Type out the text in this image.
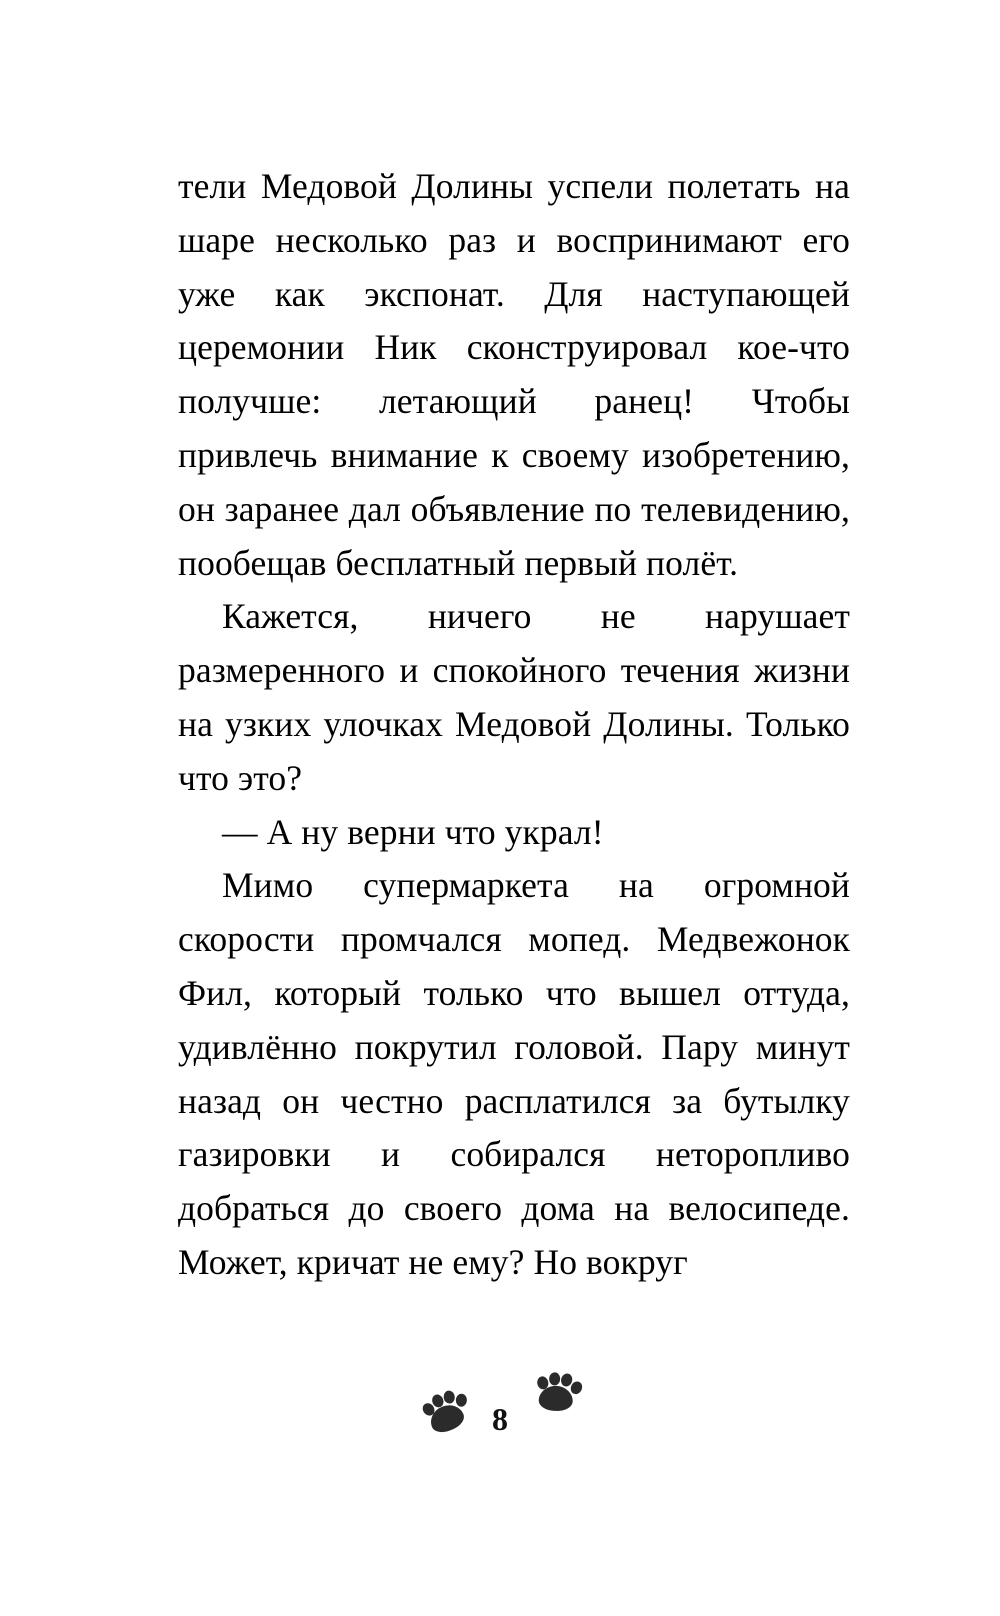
тели Медовой Долины успели полетать на шаре несколько раз и воспринимают его уже как экспонат. Для наступающей церемонии Ник сконструировал кое-что получше: летающий ранец! Чтобы привлечь внимание к своему изобретению, он заранее дал объявление по телевидению, пообещав бесплатный первый полёт.

Кажется, ничего не нарушает размеренного и спокойного течения жизни на узких улочках Медовой Долины. Только что это?

— А ну верни что украл!

Мимо супермаркета на огромной скорости промчался мопед. Медвежонок Фил, который только что вышел оттуда, удивлённо покрутил головой. Пару минут назад он честно расплатился за бутылку газировки и собирался неторопливо добраться до своего дома на велосипеде. Может, кричат не ему? Но вокруг

8
